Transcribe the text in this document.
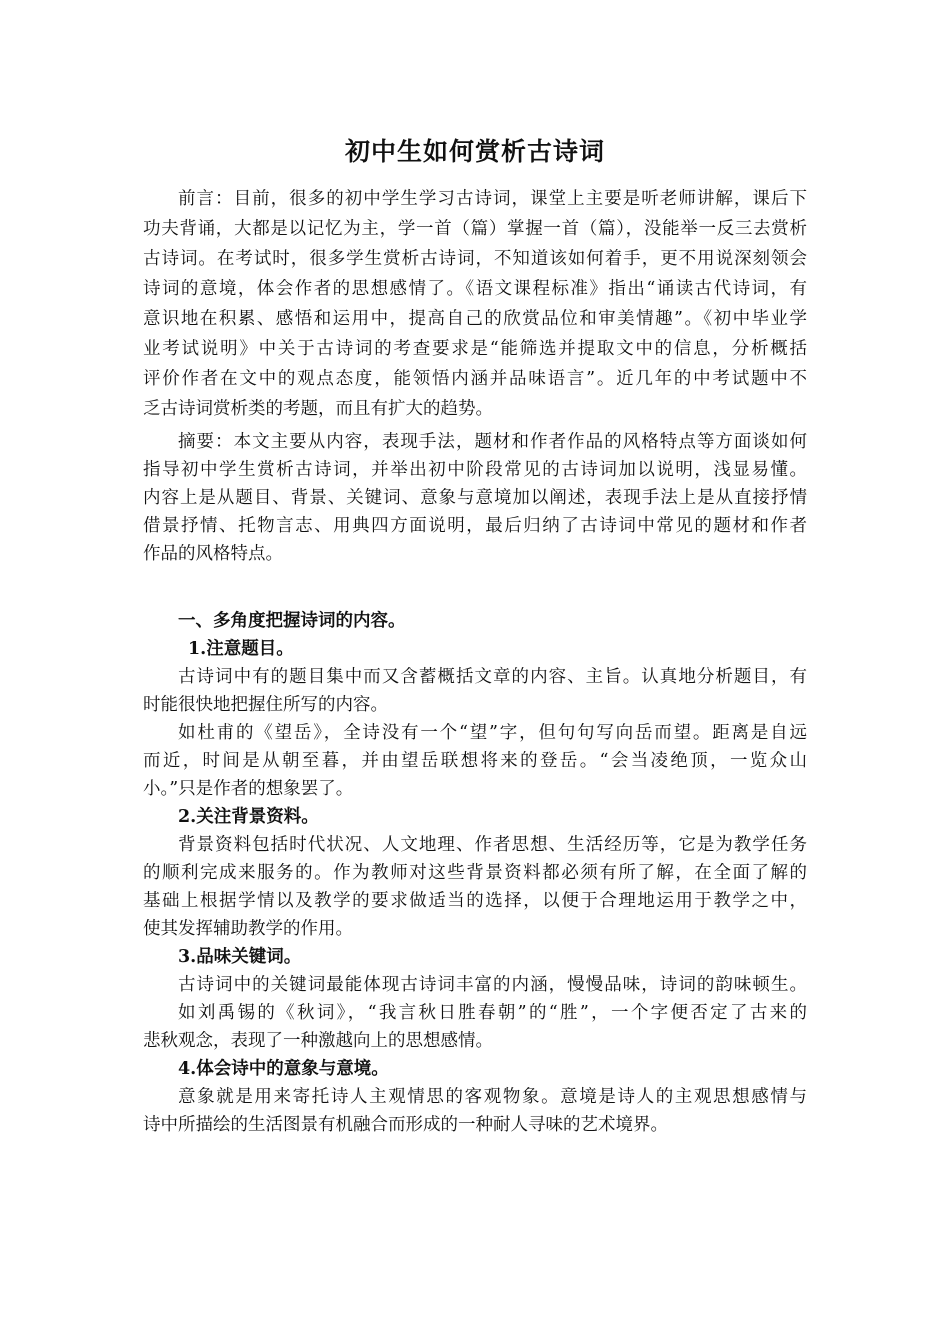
初中生如何赏析古诗词
前言：目前，很多的初中学生学习古诗词，课堂上主要是听老师讲解，课后下
功夫背诵，大都是以记忆为主，学一首（篇）掌握一首（篇），没能举一反三去赏析
古诗词。在考试时，很多学生赏析古诗词，不知道该如何着手，更不用说深刻领会
诗词的意境，体会作者的思想感情了。《语文课程标准》指出“诵读古代诗词，有
意识地在积累、感悟和运用中，提高自己的欣赏品位和审美情趣”。《初中毕业学
业考试说明》中关于古诗词的考查要求是“能筛选并提取文中的信息，分析概括
评价作者在文中的观点态度，能领悟内涵并品味语言”。近几年的中考试题中不
乏古诗词赏析类的考题，而且有扩大的趋势。
摘要：本文主要从内容，表现手法，题材和作者作品的风格特点等方面谈如何
指导初中学生赏析古诗词，并举出初中阶段常见的古诗词加以说明，浅显易懂。
内容上是从题目、背景、关键词、意象与意境加以阐述，表现手法上是从直接抒情
借景抒情、托物言志、用典四方面说明，最后归纳了古诗词中常见的题材和作者
作品的风格特点。
一、多角度把握诗词的内容。
1.注意题目。
古诗词中有的题目集中而又含蓄概括文章的内容、主旨。认真地分析题目，有
时能很快地把握住所写的内容。
如杜甫的《望岳》，全诗没有一个“望”字，但句句写向岳而望。距离是自远
而近，时间是从朝至暮，并由望岳联想将来的登岳。“会当凌绝顶，一览众山
小。”只是作者的想象罢了。
2.关注背景资料。
背景资料包括时代状况、人文地理、作者思想、生活经历等，它是为教学任务
的顺利完成来服务的。作为教师对这些背景资料都必须有所了解，在全面了解的
基础上根据学情以及教学的要求做适当的选择，以便于合理地运用于教学之中，
使其发挥辅助教学的作用。
3.品味关键词。
古诗词中的关键词最能体现古诗词丰富的内涵，慢慢品味，诗词的韵味顿生。
如刘禹锡的《秋词》，“我言秋日胜春朝”的“胜”，一个字便否定了古来的
悲秋观念，表现了一种激越向上的思想感情。
4.体会诗中的意象与意境。
意象就是用来寄托诗人主观情思的客观物象。意境是诗人的主观思想感情与
诗中所描绘的生活图景有机融合而形成的一种耐人寻味的艺术境界。
